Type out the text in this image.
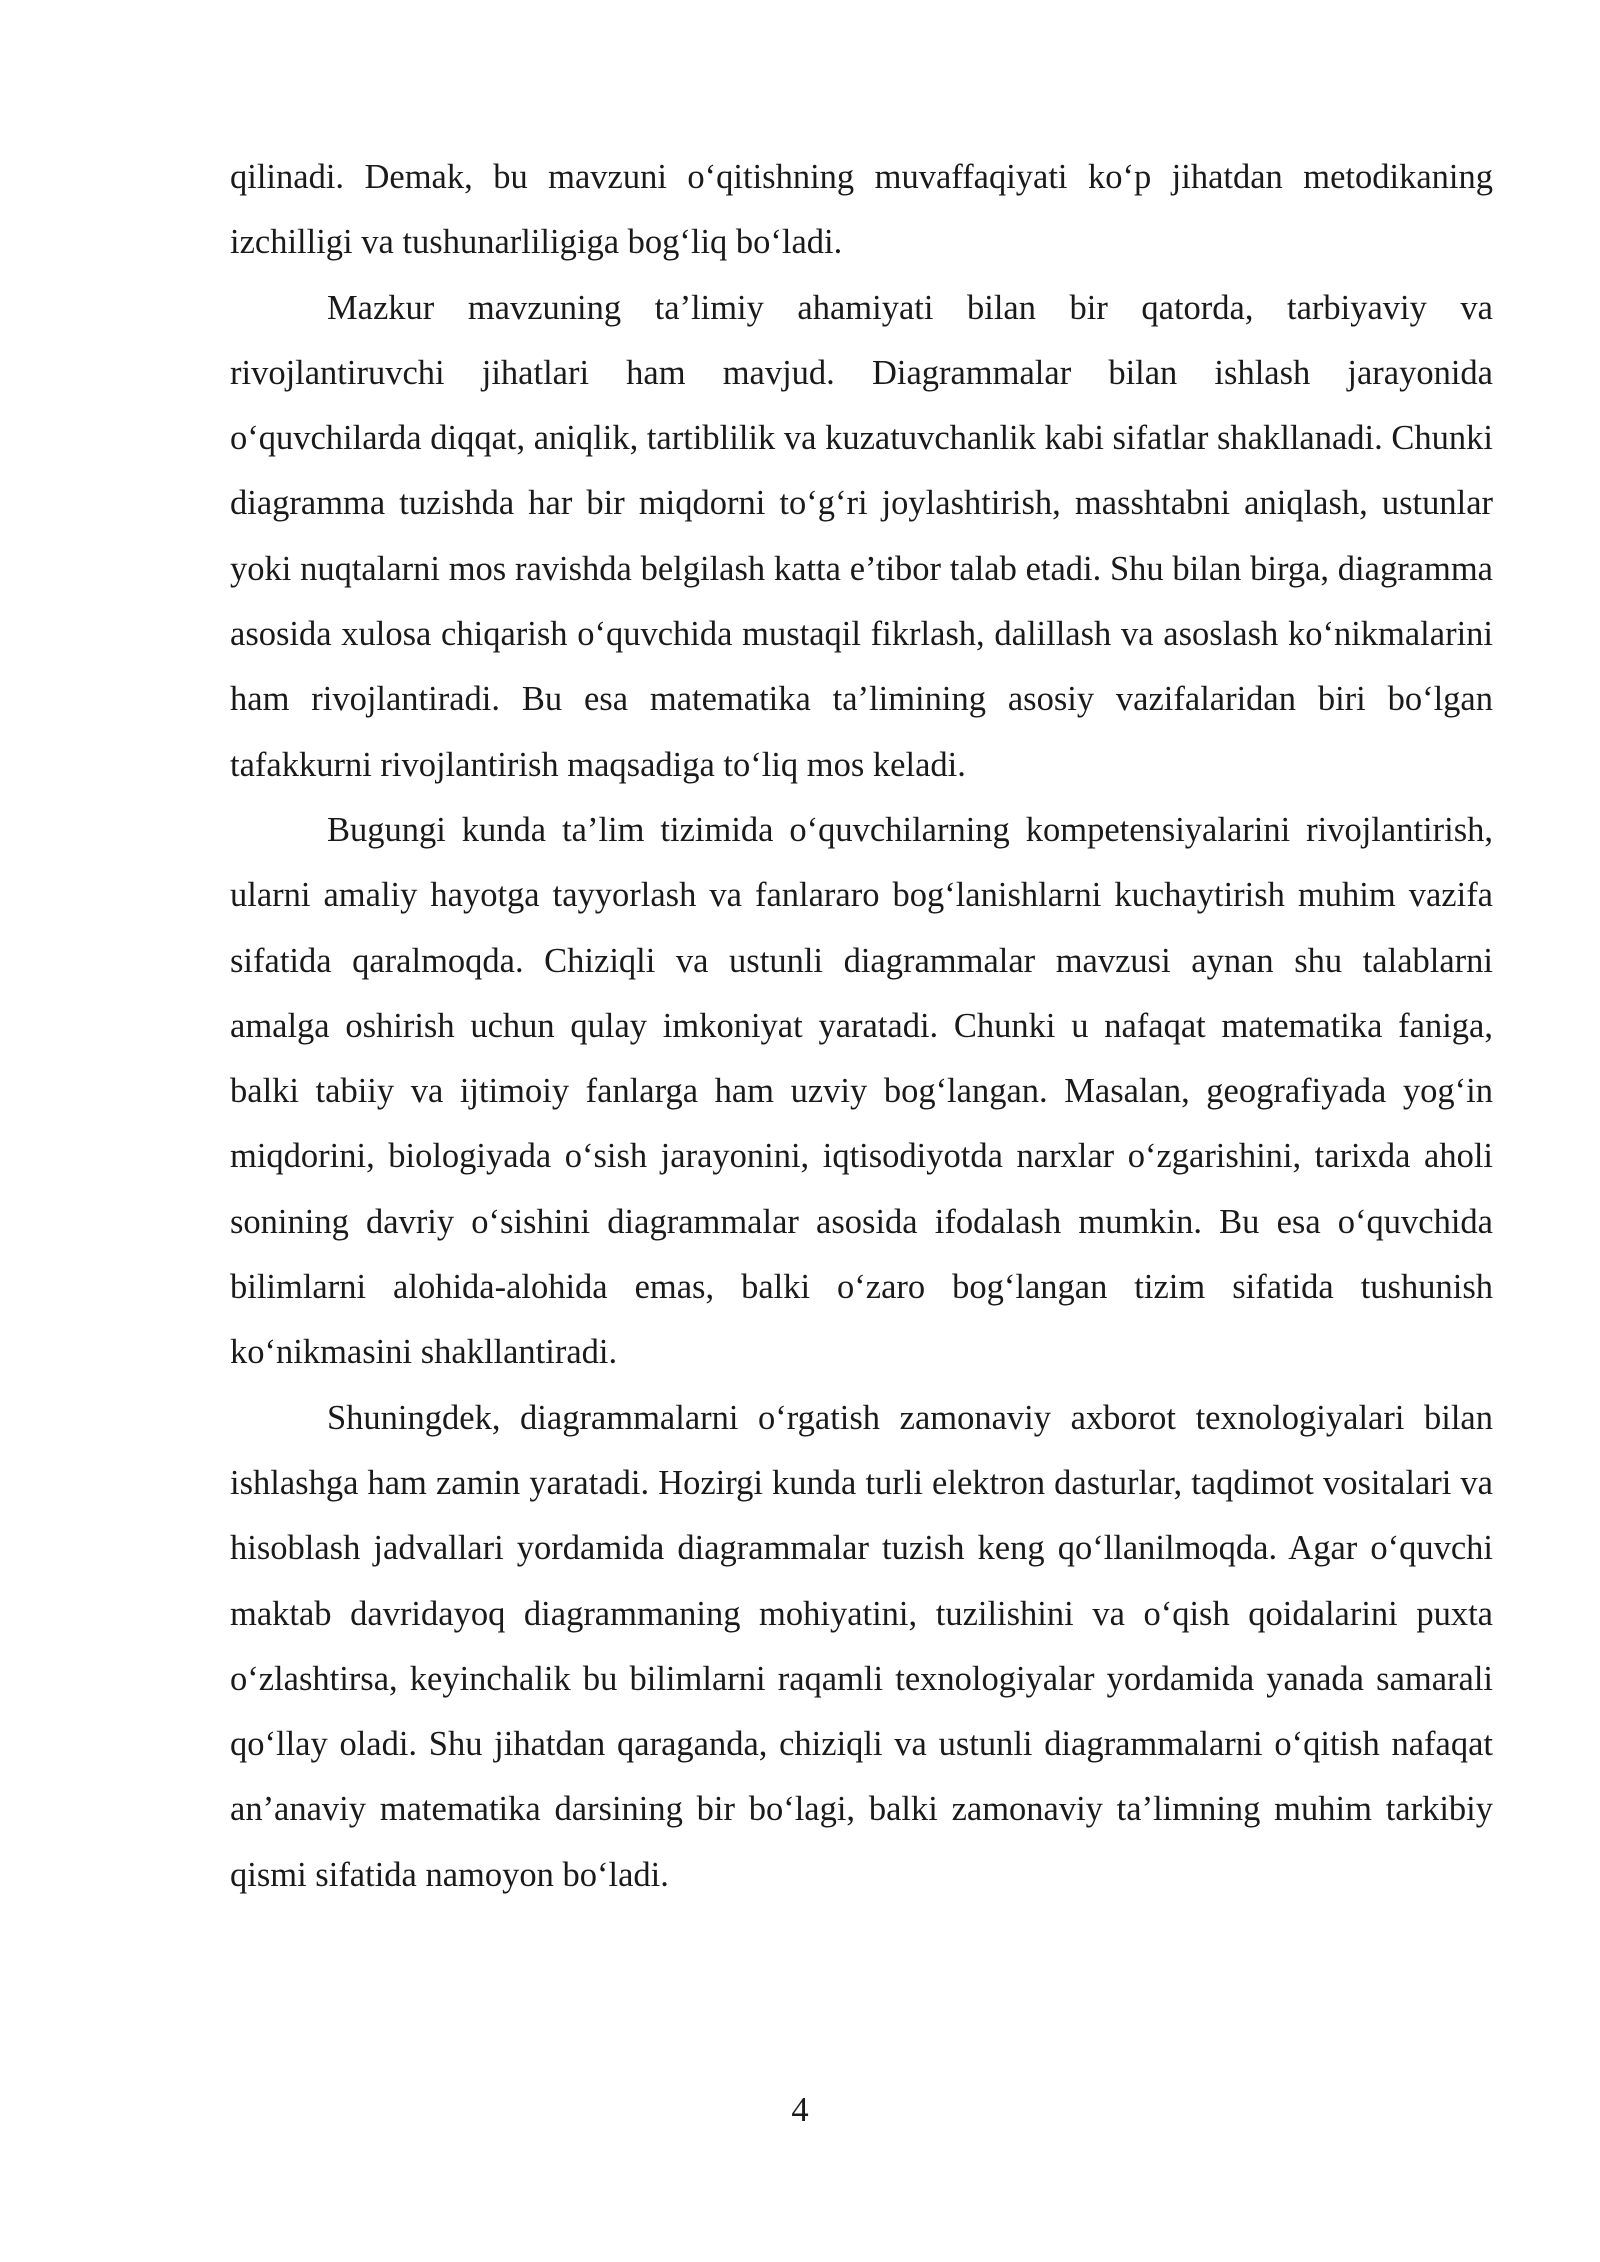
qilinadi. Demak, bu mavzuni o‘qitishning muvaffaqiyati ko‘p jihatdan metodikaning izchilligi va tushunarliligiga bog‘liq bo‘ladi.

Mazkur mavzuning ta’limiy ahamiyati bilan bir qatorda, tarbiyaviy va rivojlantiruvchi jihatlari ham mavjud. Diagrammalar bilan ishlash jarayonida o‘quvchilarda diqqat, aniqlik, tartiblilik va kuzatuvchanlik kabi sifatlar shakllanadi. Chunki diagramma tuzishda har bir miqdorni to‘g‘ri joylashtirish, masshtabni aniqlash, ustunlar yoki nuqtalarni mos ravishda belgilash katta e’tibor talab etadi. Shu bilan birga, diagramma asosida xulosa chiqarish o‘quvchida mustaqil fikrlash, dalillash va asoslash ko‘nikmalarini ham rivojlantiradi. Bu esa matematika ta’limining asosiy vazifalaridan biri bo‘lgan tafakkurni rivojlantirish maqsadiga to‘liq mos keladi.

Bugungi kunda ta’lim tizimida o‘quvchilarning kompetensiyalarini rivojlantirish, ularni amaliy hayotga tayyorlash va fanlararo bog‘lanishlarni kuchaytirish muhim vazifa sifatida qaralmoqda. Chiziqli va ustunli diagrammalar mavzusi aynan shu talablarni amalga oshirish uchun qulay imkoniyat yaratadi. Chunki u nafaqat matematika faniga, balki tabiiy va ijtimoiy fanlarga ham uzviy bog‘langan. Masalan, geografiyada yog‘in miqdorini, biologiyada o‘sish jarayonini, iqtisodiyotda narxlar o‘zgarishini, tarixda aholi sonining davriy o‘sishini diagrammalar asosida ifodalash mumkin. Bu esa o‘quvchida bilimlarni alohida-alohida emas, balki o‘zaro bog‘langan tizim sifatida tushunish ko‘nikmasini shakllantiradi.

Shuningdek, diagrammalarni o‘rgatish zamonaviy axborot texnologiyalari bilan ishlashga ham zamin yaratadi. Hozirgi kunda turli elektron dasturlar, taqdimot vositalari va hisoblash jadvallari yordamida diagrammalar tuzish keng qo‘llanilmoqda. Agar o‘quvchi maktab davridayoq diagrammaning mohiyatini, tuzilishini va o‘qish qoidalarini puxta o‘zlashtirsa, keyinchalik bu bilimlarni raqamli texnologiyalar yordamida yanada samarali qo‘llay oladi. Shu jihatdan qaraganda, chiziqli va ustunli diagrammalarni o‘qitish nafaqat an’anaviy matematika darsining bir bo‘lagi, balki zamonaviy ta’limning muhim tarkibiy qismi sifatida namoyon bo‘ladi.

4
